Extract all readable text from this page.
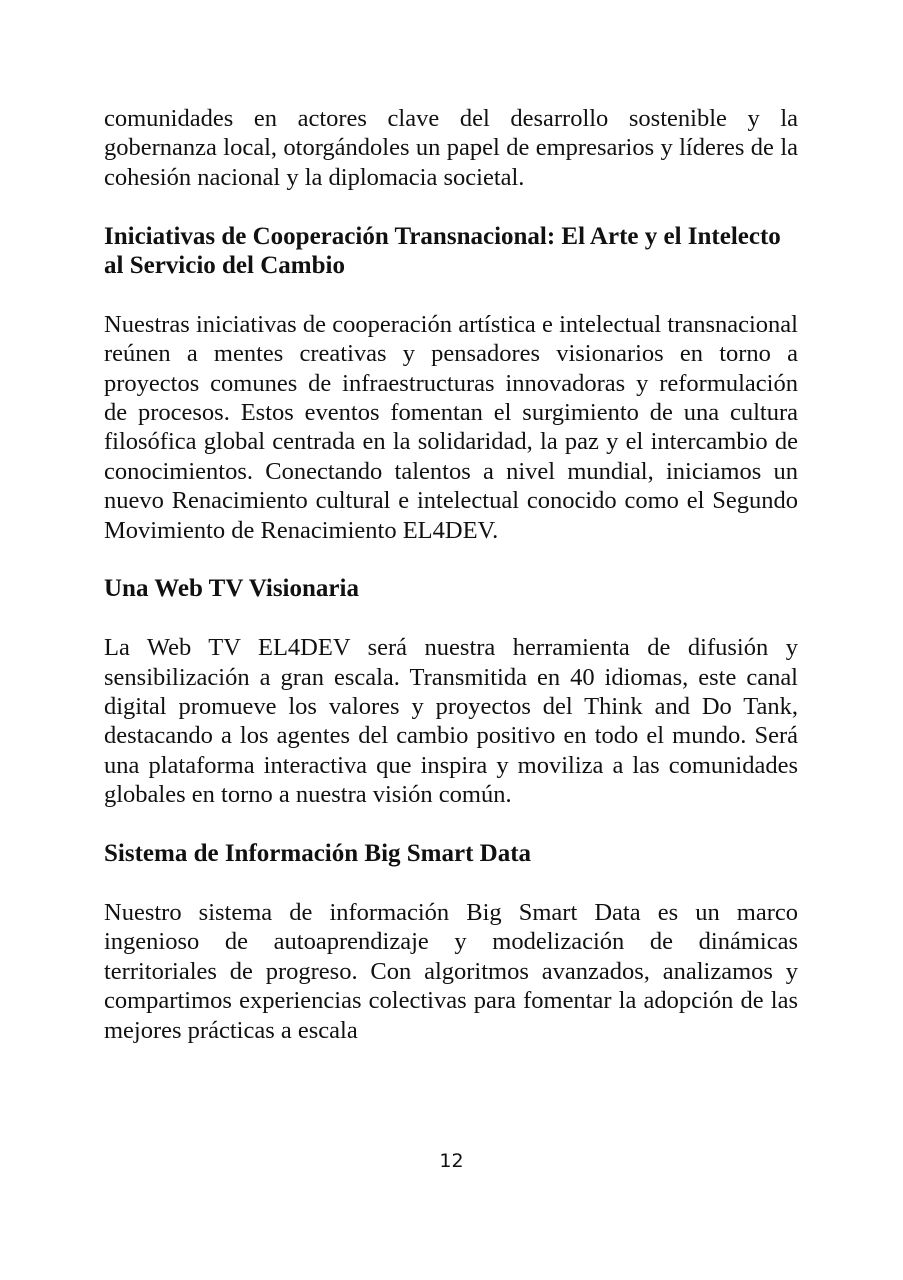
comunidades en actores clave del desarrollo sostenible y la gobernanza local, otorgándoles un papel de empresarios y líderes de la cohesión nacional y la diplomacia societal.

Iniciativas de Cooperación Transnacional: El Arte y el Intelecto al Servicio del Cambio

Nuestras iniciativas de cooperación artística e intelectual transnacional reúnen a mentes creativas y pensadores visionarios en torno a proyectos comunes de infraestructuras innovadoras y reformulación de procesos. Estos eventos fomentan el surgimiento de una cultura filosófica global centrada en la solidaridad, la paz y el intercambio de conocimientos. Conectando talentos a nivel mundial, iniciamos un nuevo Renacimiento cultural e intelectual conocido como el Segundo Movimiento de Renacimiento EL4DEV.

Una Web TV Visionaria

La Web TV EL4DEV será nuestra herramienta de difusión y sensibilización a gran escala. Transmitida en 40 idiomas, este canal digital promueve los valores y proyectos del Think and Do Tank, destacando a los agentes del cambio positivo en todo el mundo. Será una plataforma interactiva que inspira y moviliza a las comunidades globales en torno a nuestra visión común.

Sistema de Información Big Smart Data

Nuestro sistema de información Big Smart Data es un marco ingenioso de autoaprendizaje y modelización de dinámicas territoriales de progreso. Con algoritmos avanzados, analizamos y compartimos experiencias colectivas para fomentar la adopción de las mejores prácticas a escala

12
